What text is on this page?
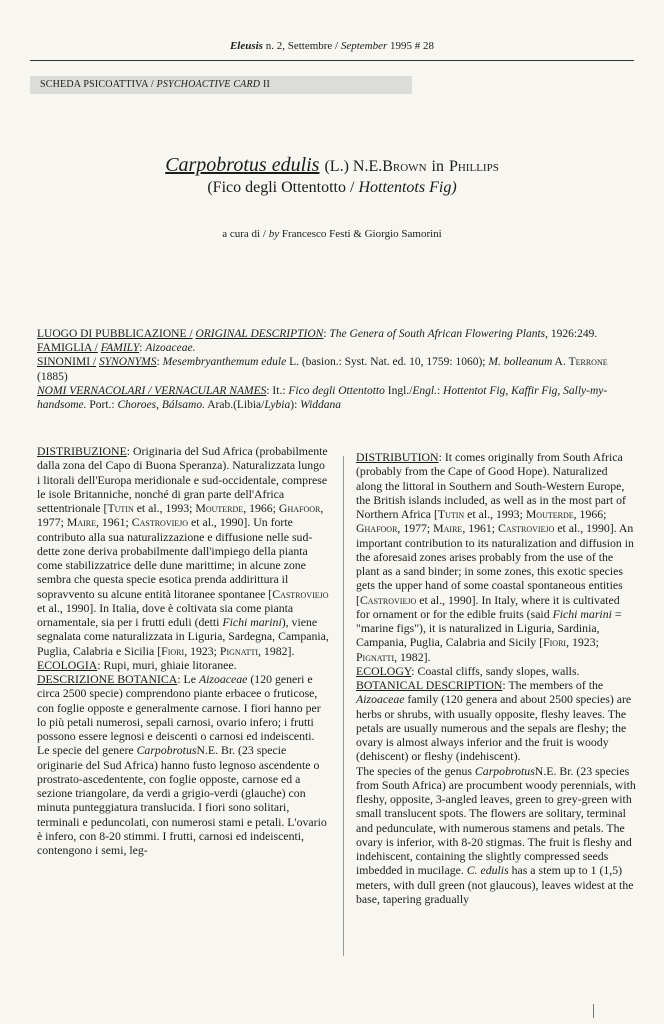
Eleusis n. 2, Settembre / September 1995 # 28
SCHEDA PSICOATTIVA / PSYCHOACTIVE CARD II
Carpobrotus edulis (L.) N.E.Brown in Phillips
(Fico degli Ottentotto / Hottentots Fig)
a cura di / by Francesco Festi & Giorgio Samorini

LUOGO DI PUBBLICAZIONE / ORIGINAL DESCRIPTION: The Genera of South African Flowering Plants, 1926:249.

FAMIGLIA / FAMILY: Aizoaceae.

SINONIMI / SYNONYMS: Mesembryanthemum edule L. (basion.: Syst. Nat. ed. 10, 1759: 1060); M. bolleanum A. Terrone (1885)

NOMI VERNACOLARI / VERNACULAR NAMES: It.: Fico degli Ottentotto Ingl./Engl.: Hottentot Fig, Kaffir Fig, Sally-my-handsome. Port.: Choroes, Bálsamo. Arab.(Libia/Lybia): Widdana

DISTRIBUZIONE: Originaria del Sud Africa (probabilmente dalla zona del Capo di Buona Speranza). Naturalizzata lungo i litorali dell'Europa meridionale e sud-occidentale, comprese le isole Britanniche, nonché di gran parte dell'Africa settentrionale [Tutin et al., 1993; Mouterde, 1966; Ghafoor, 1977; Maire, 1961; Castroviejo et al., 1990]. Un forte contributo alla sua naturalizzazione e diffusione nelle sud-dette zone deriva probabilmente dall'impiego della pianta come stabilizzatrice delle dune marittime; in alcune zone sembra che questa specie esotica prenda addirittura il sopravvento su alcune entità litoranee spontanee [Castroviejo et al., 1990]. In Italia, dove è coltivata sia come pianta ornamentale, sia per i frutti eduli (detti Fichi marini), viene segnalata come naturalizzata in Liguria, Sardegna, Campania, Puglia, Calabria e Sicilia [Fiori, 1923; Pignatti, 1982].

ECOLOGIA: Rupi, muri, ghiaie litoranee.

DESCRIZIONE BOTANICA: Le Aizoaceae (120 generi e circa 2500 specie) comprendono piante erbacee o fruticose, con foglie opposte e generalmente carnose. I fiori hanno per lo più petali numerosi, sepali carnosi, ovario infero; i frutti possono essere legnosi e deiscenti o carnosi ed indeiscenti.

Le specie del genere CarpobrotusN.E. Br. (23 specie originarie del Sud Africa) hanno fusto legnoso ascendente o prostrato-ascedentente, con foglie opposte, carnose ed a sezione triangolare, da verdi a grigio-verdi (glauche) con minuta punteggiatura translucida. I fiori sono solitari, terminali e peduncolati, con numerosi stami e petali. L'ovario è infero, con 8-20 stimmi. I frutti, carnosi ed indeiscenti, contengono i semi, leg-

DISTRIBUTION: It comes originally from South Africa (probably from the Cape of Good Hope). Naturalized along the littoral in Southern and South-Western Europe, the British islands included, as well as in the most part of Northern Africa [Tutin et al., 1993; Mouterde, 1966; Ghafoor, 1977; Maire, 1961; Castroviejo et al., 1990]. An important contribution to its naturalization and diffusion in the aforesaid zones arises probably from the use of the plant as a sand binder; in some zones, this exotic species gets the upper hand of some coastal spontaneous entities [Castroviejo et al., 1990]. In Italy, where it is cultivated for ornament or for the edible fruits (said Fichi marini = "marine figs"), it is naturalized in Liguria, Sardinia, Campania, Puglia, Calabria and Sicily [Fiori, 1923; Pignatti, 1982].

ECOLOGY: Coastal cliffs, sandy slopes, walls.

BOTANICAL DESCRIPTION: The members of the Aizoaceae family (120 genera and about 2500 species) are herbs or shrubs, with usually opposite, fleshy leaves. The petals are usually numerous and the sepals are fleshy; the ovary is almost always inferior and the fruit is woody (dehiscent) or fleshy (indehiscent).

The species of the genus CarpobrotusN.E. Br. (23 species from South Africa) are procumbent woody perennials, with fleshy, opposite, 3-angled leaves, green to grey-green with small translucent spots. The flowers are solitary, terminal and pedunculate, with numerous stamens and petals. The ovary is inferior, with 8-20 stigmas. The fruit is fleshy and indehiscent, containing the slightly compressed seeds imbedded in mucilage. C. edulis has a stem up to 1 (1,5) meters, with dull green (not glaucous), leaves widest at the base, tapering gradually
